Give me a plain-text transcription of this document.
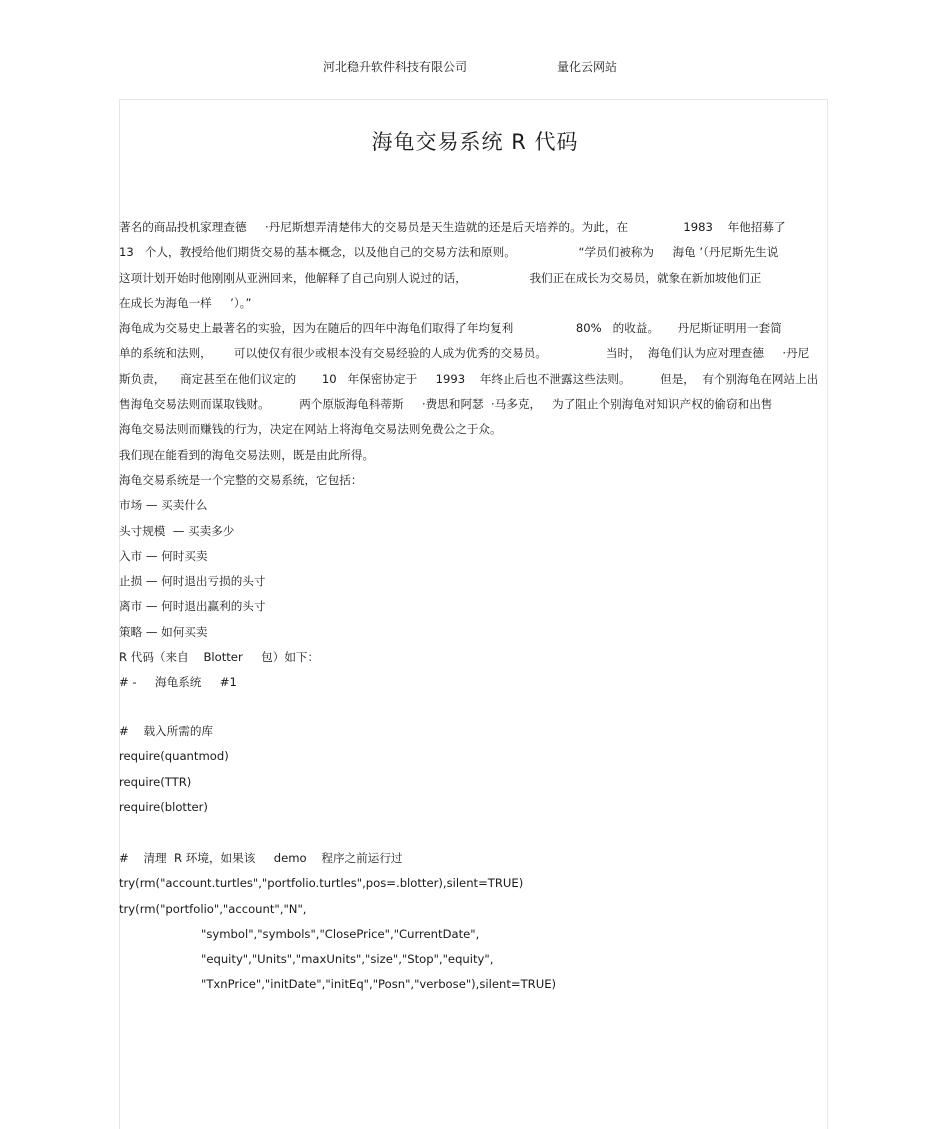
河北稳升软件科技有限公司	量化云网站
海龟交易系统 R 代码
著名的商品投机家理查德     ·丹尼斯想弄清楚伟大的交易员是天生造就的还是后天培养的。为此，在               1983    年他招募了
13   个人，教授给他们期货交易的基本概念，以及他自己的交易方法和原则。                 “学员们被称为     海龟 ’（丹尼斯先生说
这项计划开始时他刚刚从亚洲回来，他解释了自己向别人说过的话，                 我们正在成长为交易员，就象在新加坡他们正
在成长为海龟一样     ’）。”
海龟成为交易史上最著名的实验，因为在随后的四年中海龟们取得了年均复利                 80%   的收益。     丹尼斯证明用一套简
单的系统和法则，      可以使仅有很少或根本没有交易经验的人成为优秀的交易员。                当时，  海龟们认为应对理查德     ·丹尼
斯负责，    商定甚至在他们议定的       10   年保密协定于     1993    年终止后也不泄露这些法则。        但是，  有个别海龟在网站上出
售海龟交易法则而谋取钱财。        两个原版海龟科蒂斯     ·费思和阿瑟  ·马多克，   为了阻止个别海龟对知识产权的偷窃和出售
海龟交易法则而赚钱的行为，决定在网站上将海龟交易法则免费公之于众。
我们现在能看到的海龟交易法则，既是由此所得。
海龟交易系统是一个完整的交易系统，它包括：
市场 — 买卖什么
头寸规模  — 买卖多少
入市 — 何时买卖
止损 — 何时退出亏损的头寸
离市 — 何时退出赢利的头寸
策略 — 如何买卖
R 代码（来自    Blotter     包）如下：
# -     海龟系统     #1
#    载入所需的库
require(quantmod)
require(TTR)
require(blotter)
#    清理  R 环境，如果该     demo    程序之前运行过
try(rm("account.turtles","portfolio.turtles",pos=.blotter),silent=TRUE)
try(rm("portfolio","account","N",
"symbol","symbols","ClosePrice","CurrentDate",
"equity","Units","maxUnits","size","Stop","equity",
"TxnPrice","initDate","initEq","Posn","verbose"),silent=TRUE)
